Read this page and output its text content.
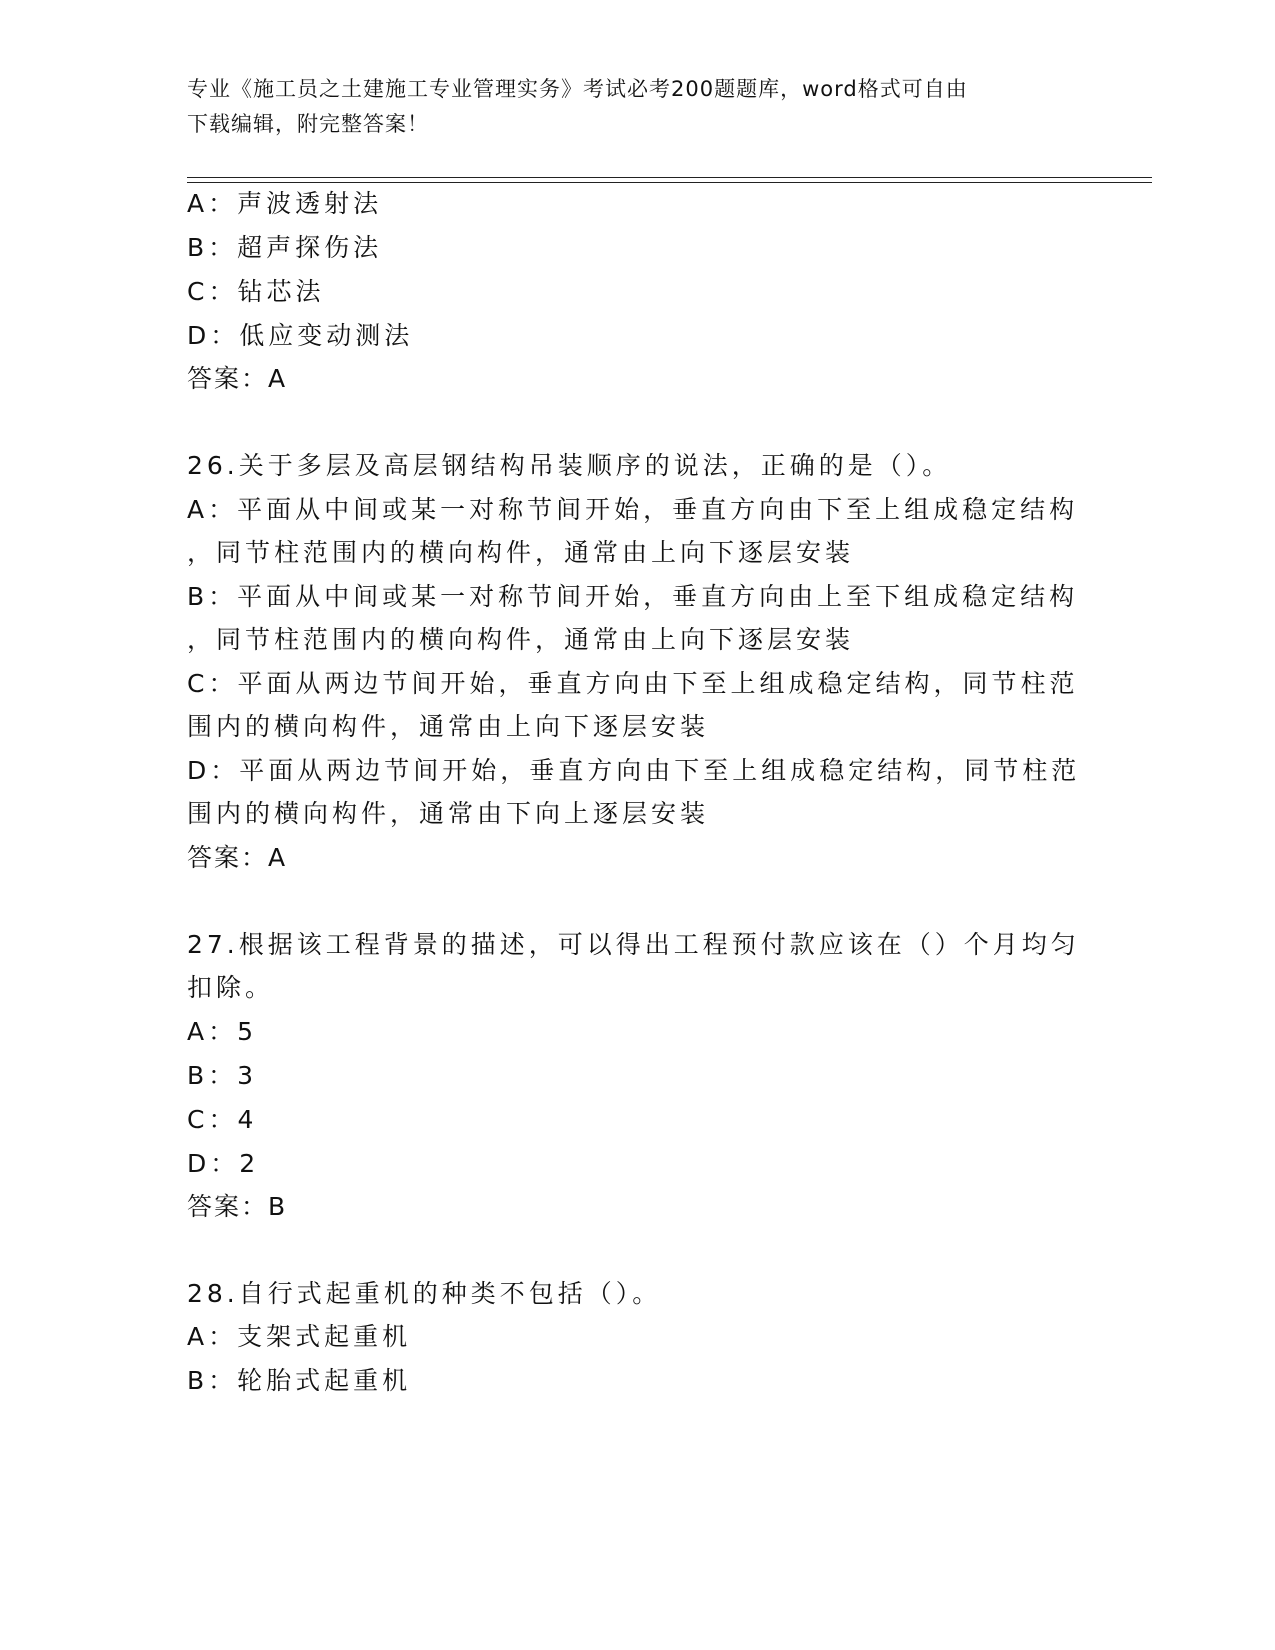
专业《施工员之土建施工专业管理实务》考试必考200题题库，word格式可自由
下载编辑，附完整答案！
A：声波透射法
B：超声探伤法
C：钻芯法
D：低应变动测法
答案：A
26.关于多层及高层钢结构吊装顺序的说法，正确的是（）。
A：平面从中间或某一对称节间开始，垂直方向由下至上组成稳定结构
，同节柱范围内的横向构件，通常由上向下逐层安装
B：平面从中间或某一对称节间开始，垂直方向由上至下组成稳定结构
，同节柱范围内的横向构件，通常由上向下逐层安装
C：平面从两边节间开始，垂直方向由下至上组成稳定结构，同节柱范
围内的横向构件，通常由上向下逐层安装
D：平面从两边节间开始，垂直方向由下至上组成稳定结构，同节柱范
围内的横向构件，通常由下向上逐层安装
答案：A
27.根据该工程背景的描述，可以得出工程预付款应该在（）个月均匀
扣除。
A：5
B：3
C：4
D：2
答案：B
28.自行式起重机的种类不包括（）。
A：支架式起重机
B：轮胎式起重机
